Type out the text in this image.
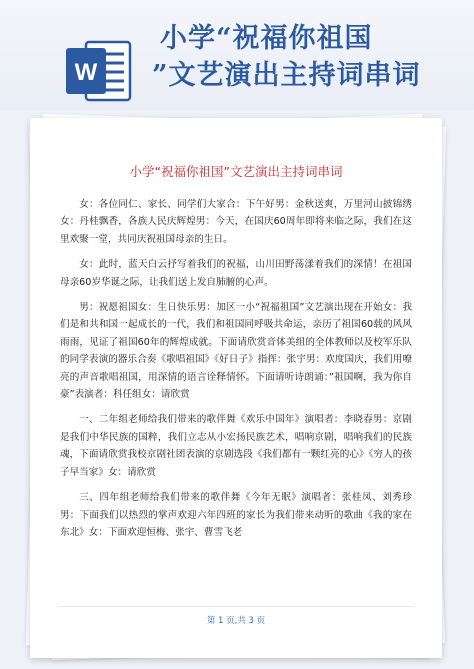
W
小学“祝福你祖国
”文艺演出主持词串词
小学“祝福你祖国”文艺演出主持词串词

女：各位同仁、家长、同学们大家合：下午好男：金秋送爽，万里河山披锦绣女：丹桂飘香，各族人民庆辉煌男：今天，在国庆60周年即将来临之际，我们在这里欢聚一堂，共同庆祝祖国母亲的生日。

女：此时，蓝天白云抒写着我们的祝福，山川田野荡漾着我们的深情！在祖国母亲60岁华诞之际，让我们送上发自肺腑的心声。

男：祝愿祖国女：生日快乐男：加区一小“祝福祖国”文艺演出现在开始女：我们是和共和国一起成长的一代，我们和祖国同呼吸共命运，亲历了祖国60载的风风雨雨，见证了祖国60年的辉煌成就。下面请欣赏音体美组的全体教师以及校军乐队的同学表演的器乐合奏《歌唱祖国》《好日子》指挥：张宇男：欢度国庆，我们用嘹亮的声音歌唱祖国，用深情的语言诠释情怀。下面请听诗朗诵：”祖国啊，我为你自豪”表演者：科任组女：请欣赏

一、二年组老师给我们带来的歌伴舞《欢乐中国年》演唱者：李晓春男：京剧是我们中华民族的国粹，我们立志从小宏扬民族艺术，唱响京剧，唱响我们的民族魂，下面请欣赏我校京剧社团表演的京剧选段《我们都有一颗红亮的心》《穷人的孩子早当家》女：请欣赏

三、四年组老师给我们带来的歌伴舞《今年无眠》演唱者：张桂凤、刘秀珍男：下面我们以热烈的掌声欢迎六年四班的家长为我们带来动听的歌曲《我的家在东北》女：下面欢迎恒梅、张宇、曹雪飞老

第 1 页,共 3 页
